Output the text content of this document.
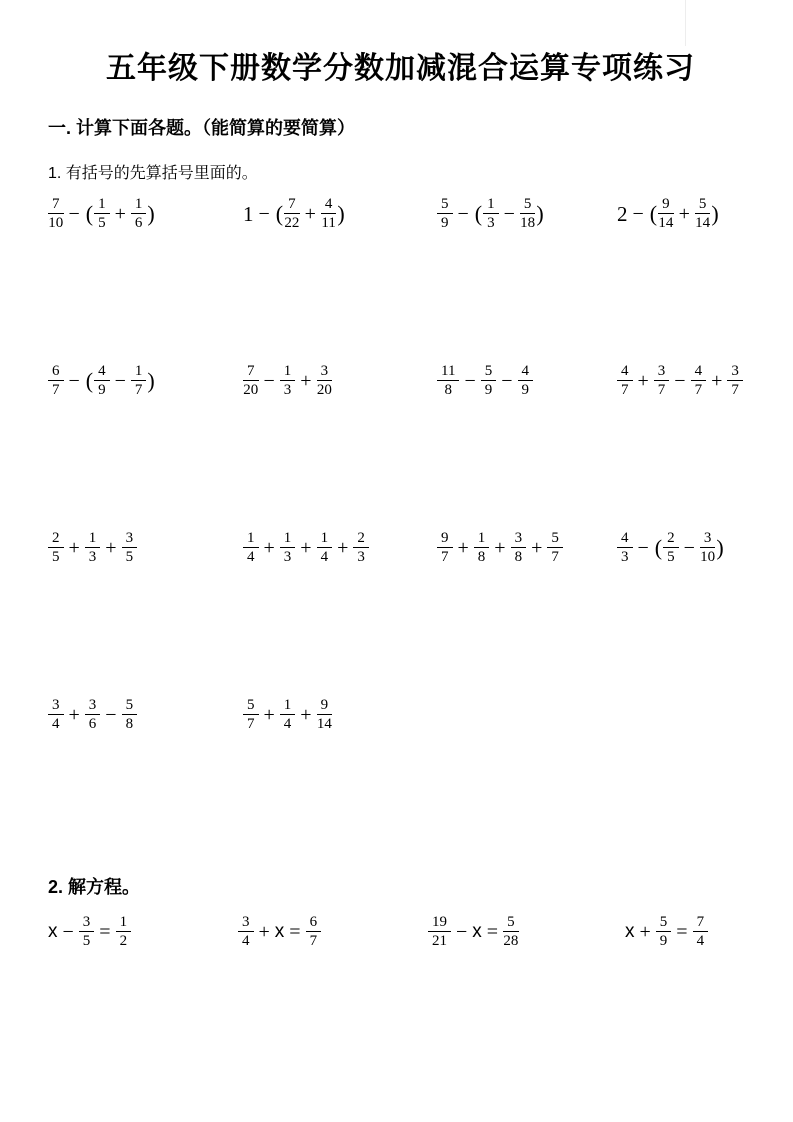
五年级下册数学分数加减混合运算专项练习
一. 计算下面各题。（能简算的要简算）
1. 有括号的先算括号里面的。
$\frac{7}{10}$ − ( $\frac{1}{5} + \frac{1}{6}$ )	1 − ( $\frac{7}{22} + \frac{4}{11}$ )	$\frac{5}{9}$ − ( $\frac{1}{3} - \frac{5}{18}$ )	2 − ( $\frac{9}{14} + \frac{5}{14}$ )
$\frac{6}{7}$ − ( $\frac{4}{9} - \frac{1}{7}$ )	$\frac{7}{20} - \frac{1}{3} + \frac{3}{20}$	$\frac{11}{8} - \frac{5}{9} - \frac{4}{9}$	$\frac{4}{7} + \frac{3}{7} - \frac{4}{7} + \frac{3}{7}$
$\frac{2}{5} + \frac{1}{3} + \frac{3}{5}$	$\frac{1}{4} + \frac{1}{3} + \frac{1}{4} + \frac{2}{3}$	$\frac{9}{7} + \frac{1}{8} + \frac{3}{8} + \frac{5}{7}$	$\frac{4}{3}$ − ( $\frac{2}{5} - \frac{3}{10}$ )
$\frac{3}{4} + \frac{3}{6} - \frac{5}{8}$	$\frac{5}{7} + \frac{1}{4} + \frac{9}{14}$
2. 解方程。
$x - \frac{3}{5} = \frac{1}{2}$	$\frac{3}{4} + x = \frac{6}{7}$	$\frac{19}{21} - x = \frac{5}{28}$	$x + \frac{5}{9} = \frac{7}{4}$
